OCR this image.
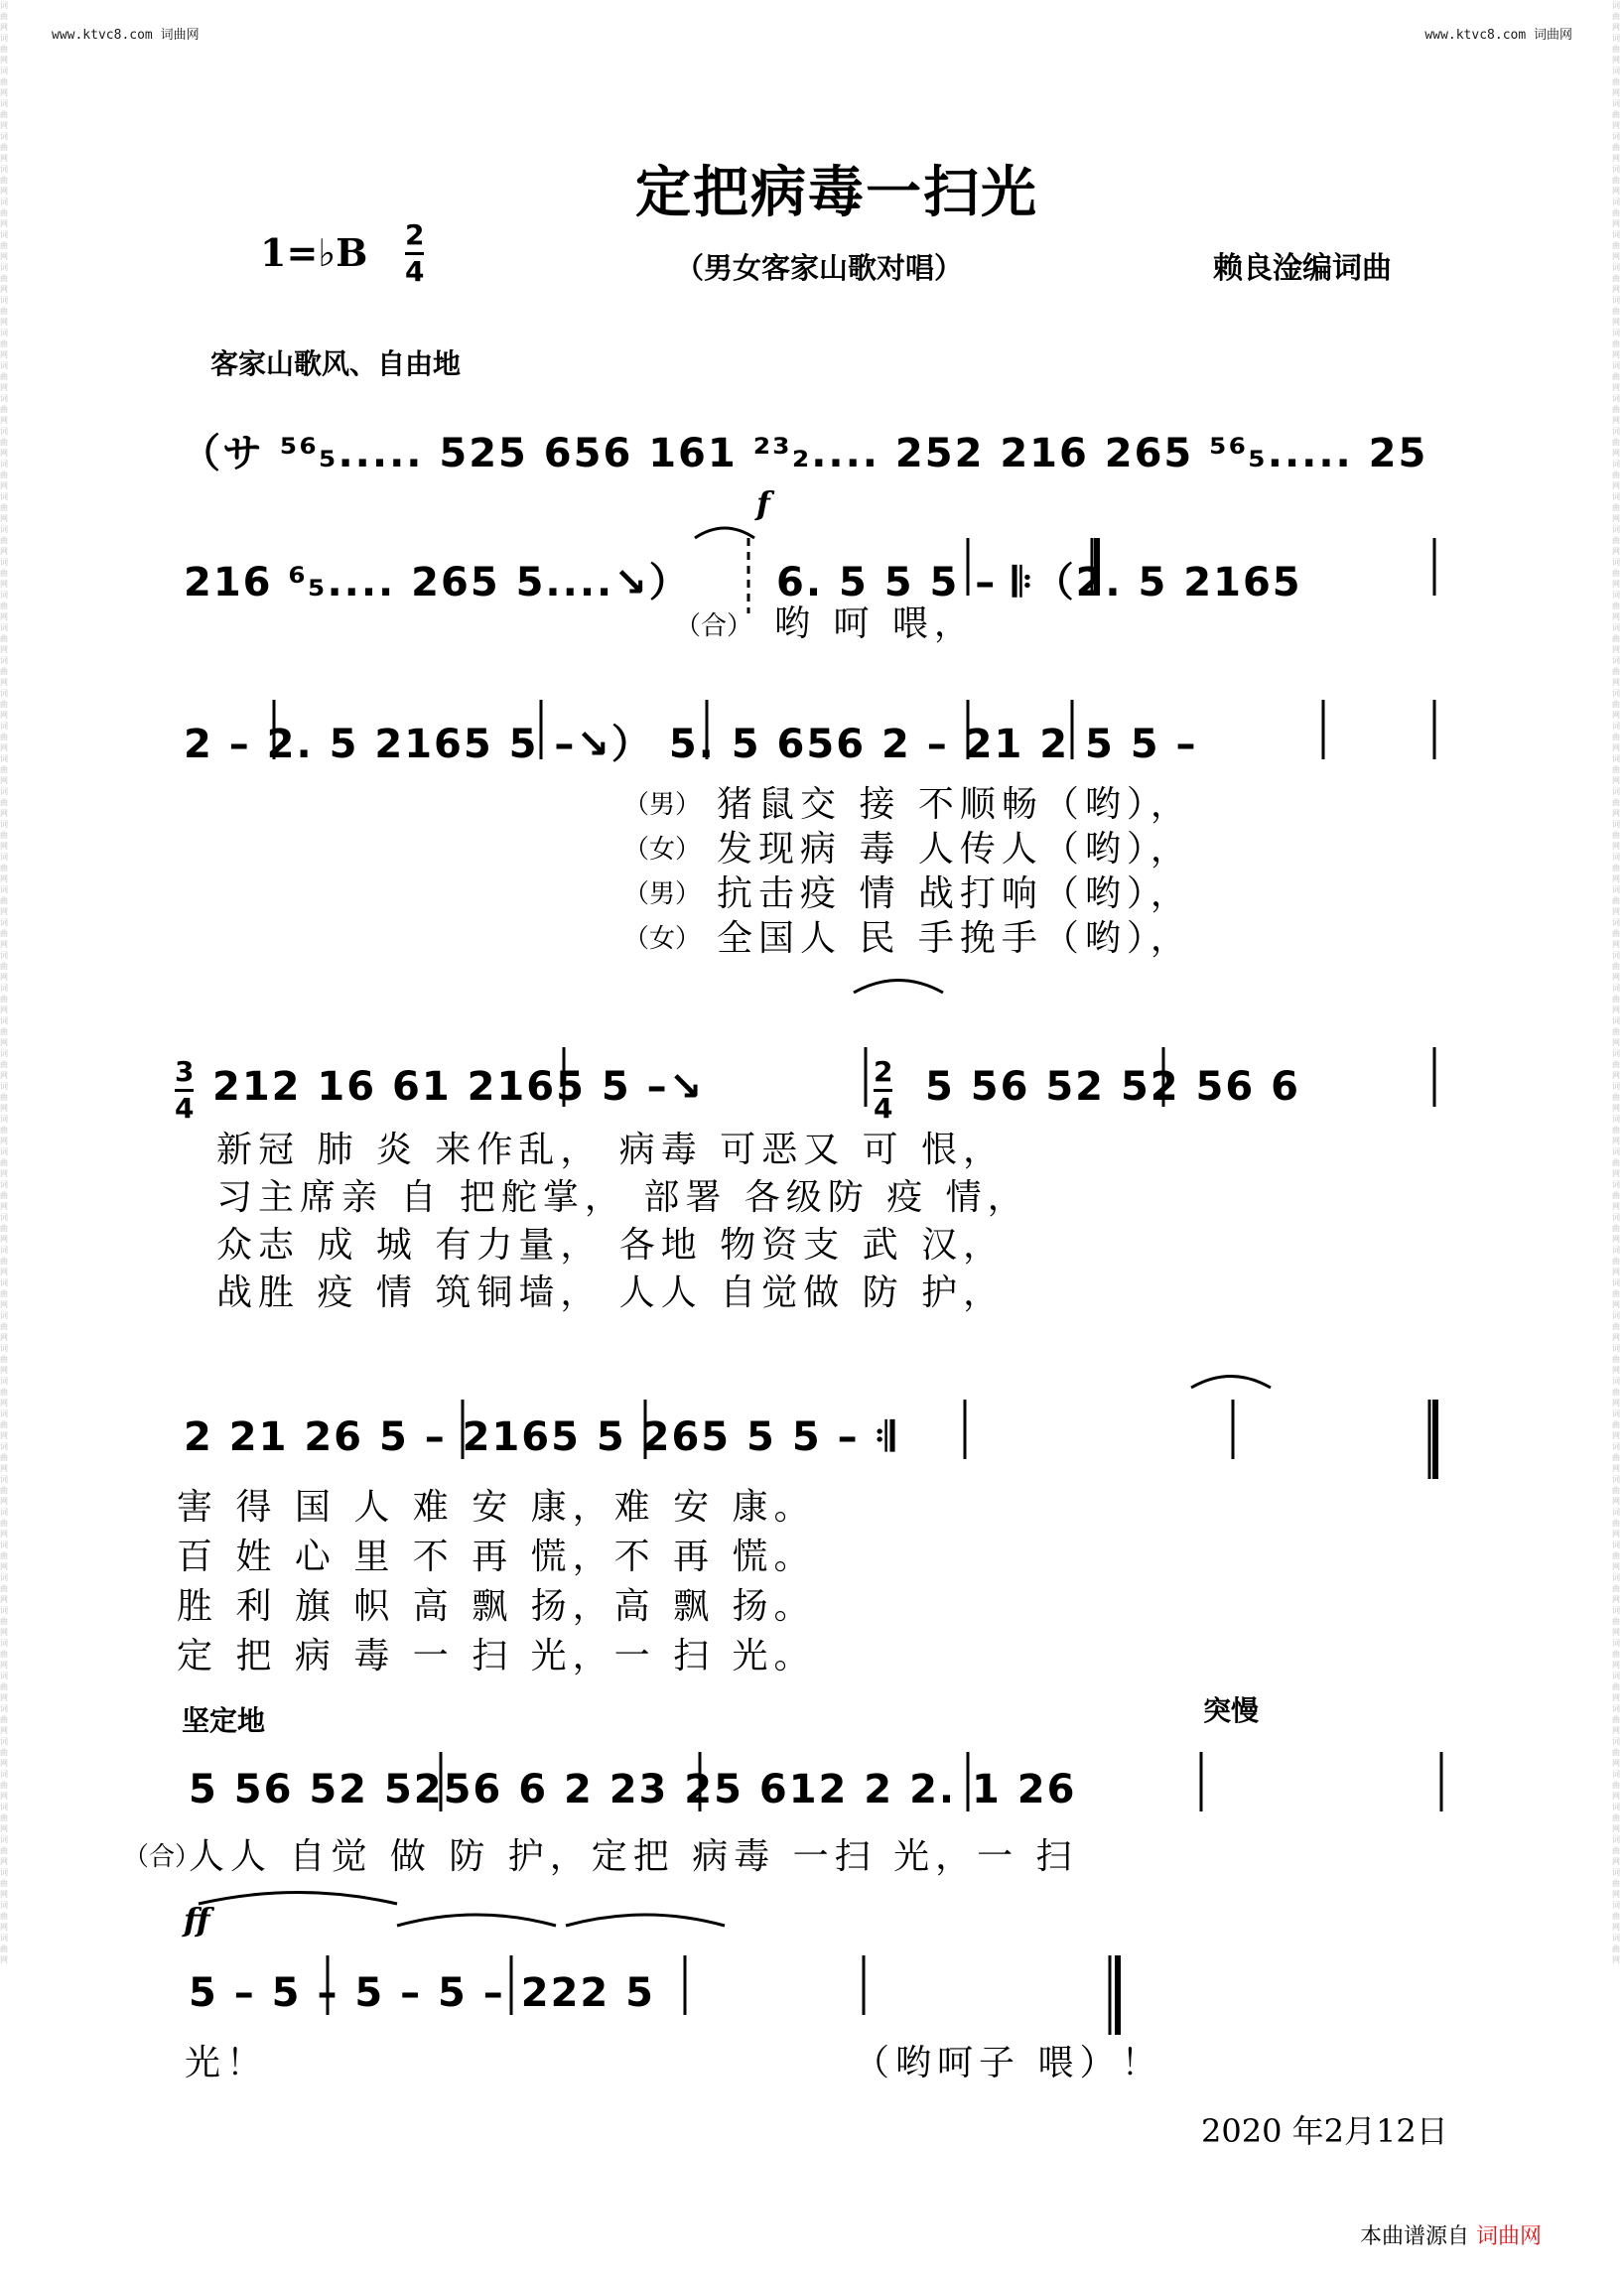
词曲网 词曲网词曲网词曲网词曲网词曲网词曲网词曲网词曲网词曲网词曲网词曲网词曲网词曲网词曲网词曲网词曲网词曲网词曲网词曲网词曲网词曲网词曲网词曲网词曲网词曲网词曲网词曲网词曲网词曲网词曲网词曲网词曲网词曲网词曲网词曲网词曲网词曲网词曲网词曲网词曲网词曲网词曲网词曲网词曲网词曲网词曲网词曲网词曲网词曲网词曲网词曲网词曲网词曲网词曲网词曲网词曲网词曲网词曲网词曲网
词曲网词曲网词曲网词曲网词曲网词曲网词曲网词曲网词曲网词曲网词曲网词曲网词曲网词曲网词曲网词曲网词曲网词曲网词曲网词曲网词曲网词曲网词曲网词曲网词曲网词曲网词曲网词曲网词曲网词曲网词曲网词曲网词曲网词曲网词曲网词曲网词曲网词曲网词曲网词曲网词曲网词曲网词曲网词曲网词曲网词曲网词曲网词曲网词曲网词曲网词曲网词曲网词曲网词曲网词曲网词曲网词曲网词曲网词曲网词曲网
www.ktvc8.com 词曲网	www.ktvc8.com 词曲网
定把病毒一扫光
1=♭B 2
4	（男女客家山歌对唱）	赖良淦编词曲
客家山歌风、自由地
（サ ⁵⁶₅..... 525 656 161 ²³₂.... 252 216 265 ⁵⁶₅..... 25
f
216 ⁶₅.... 265 5....↘） 6. 5 5 5 – 𝄆（2. 5 2165
（合） 哟 呵 喂，
2 – 2. 5 2165 5 –↘） 5. 5 656 2 – 21 2 5 5 –
（男）
（女）
（男）
（女）
猪鼠交 接 不顺畅（哟），
发现病 毒 人传人（哟），
抗击疫 情 战打响（哟），
全国人 民 手挽手（哟），
3
4 212 16 61 2165 5 –↘	2
4 5 56 52 52 56 6
新冠 肺 炎 来作乱， 病毒 可恶又 可 恨，
习主席亲 自 把舵掌， 部署 各级防 疫 情，
众志 成 城 有力量， 各地 物资支 武 汉，
战胜 疫 情 筑铜墙， 人人 自觉做 防 护，
2 21 26 5 – 2165 5 265 5 5 – 𝄇
害 得 国 人 难 安 康，难 安 康。
百 姓 心 里 不 再 慌，不 再 慌。
胜 利 旗 帜 高 飘 扬，高 飘 扬。
定 把 病 毒 一 扫 光，一 扫 光。
坚定地	突慢
5 56 52 5256 6 2 23 25 612 2 2. 1 26
（合）
人人 自觉 做 防 护，定把 病毒 一扫 光，一 扫
ff
5 – 5 – 5 – 5 – 222 5
光！	（哟呵子 喂）！
2020 年2月12日
本曲谱源自 词曲网
